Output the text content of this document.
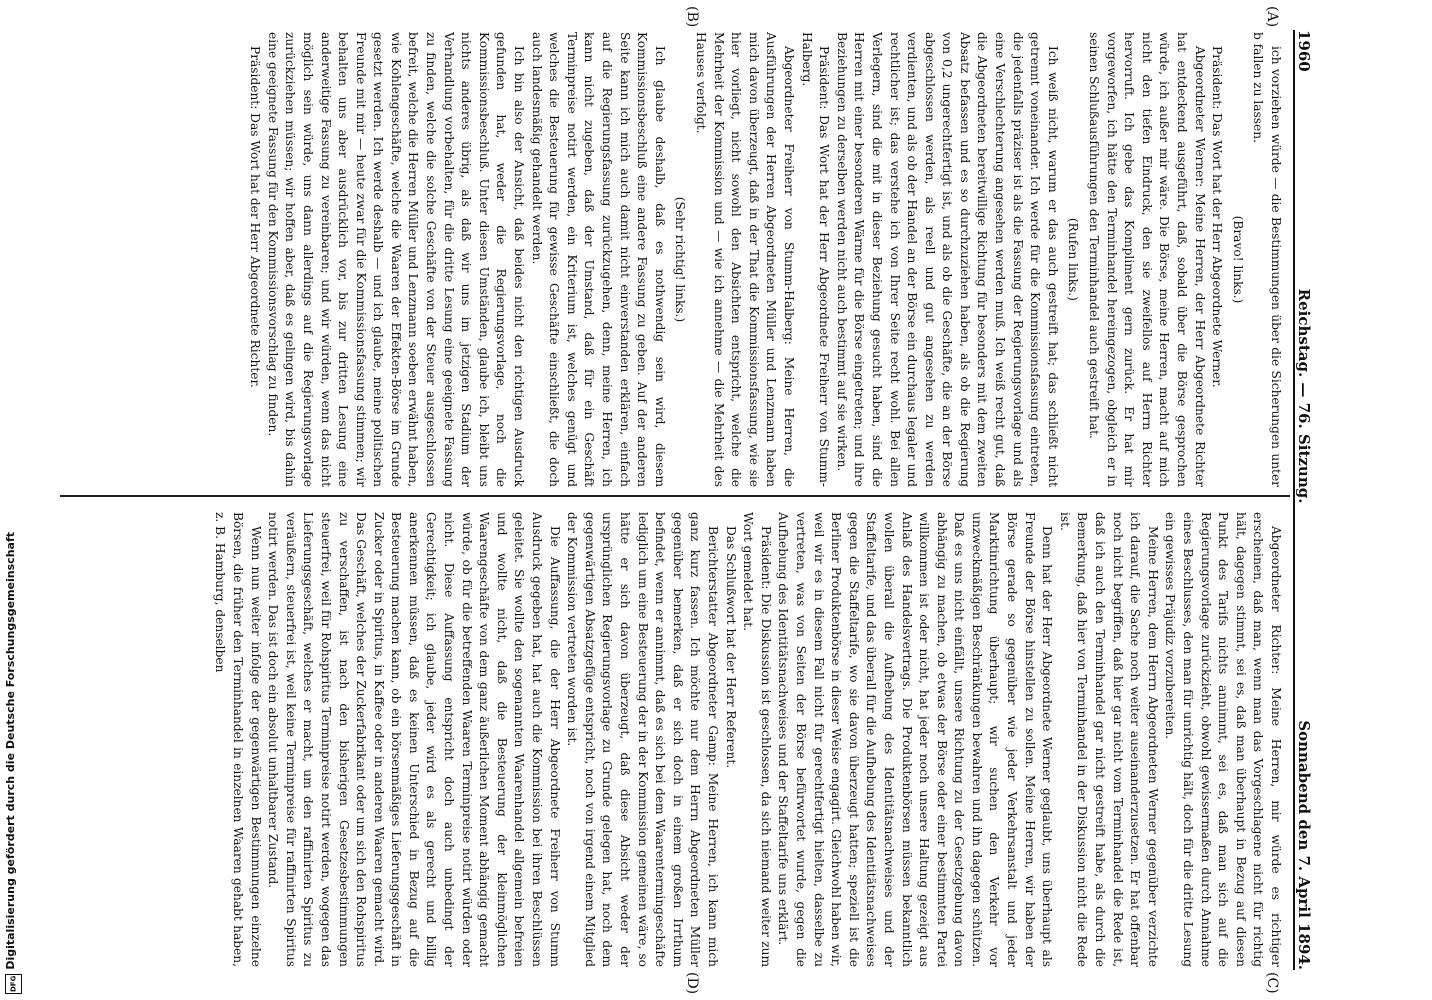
Digitalisierung gefördert durch die Deutsche Forschungsgemeinschaft
DFG
1960
Reichstag. — 76. Sitzung.
Sonnabend den 7. April 1894.
(A)
(B)
(C)
(D)

ich vorziehen würde — die Bestimmungen über die Sicherungen unter b fallen zu lassen.

(Bravo! links.)

Präsident: Das Wort hat der Herr Abgeordnete Werner.

Abgeordneter Werner: Meine Herren, der Herr Abgeordnete Richter hat entdeckend ausgeführt, daß, sobald über die Börse gesprochen würde, ich außer mir wäre. Die Börse, meine Herren, macht auf mich nicht den tiefen Eindruck, den sie zweifellos auf Herrn Richter hervorruft. Ich gebe das Kompliment gern zurück. Er hat mir vorgeworfen, ich hätte den Terminhandel hereingezogen, obgleich er in seinen Schlußausführungen den Terminhandel auch gestreift hat.

(Rufen links.)

Ich weiß nicht, warum er das auch gestreift hat; das schließt nicht getrennt voneinander. Ich werde für die Kommissionsfassung eintreten, die jedenfalls präziser ist als die Fassung der Regierungsvorlage und als eine Verschlechterung angesehen werden muß. Ich weiß recht gut, daß die Abgeordneten bereitwillige Richtung für besonders mit dem zweiten Absatz befassen und es so durchzuziehen haben, als ob die Regierung von 0,2 ungerechtfertigt ist, und als ob die Geschäfte, die an der Börse abgeschlossen werden, als reell und gut angesehen zu werden verdienten, und als ob der Handel an der Börse ein durchaus legaler und rechtlicher ist; das verstehe ich von Ihrer Seite recht wohl. Bei allen Verlegern, sind die mit in dieser Beziehung gesucht haben, sind die Herren mit einer besonderen Wärme für die Börse eingetreten; und ihre Beziehungen zu derselben werden nicht auch bestimmt auf sie wirken.

Präsident: Das Wort hat der Herr Abgeordnete Freiherr von Stumm-Halberg.

Abgeordneter Freiherr von Stumm-Halberg: Meine Herren, die Ausführungen der Herren Abgeordneten Müller und Lenzmann haben mich davon überzeugt, daß in der That die Kommissionsfassung, wie sie hier vorliegt, nicht sowohl den Absichten entspricht, welche die Mehrheit der Kommission und — wie ich annehme — die Mehrheit des Hauses verfolgt.

(Sehr richtig! links.)

Ich glaube deshalb, daß es nothwendig sein wird, diesem Kommissionsbeschluß eine andere Fassung zu geben. Auf der anderen Seite kann ich mich auch damit nicht einverstanden erklären, einfach auf die Regierungsfassung zurückzugehen, denn, meine Herren, ich kann nicht zugeben, daß der Umstand, daß für ein Geschäft Terminpreise notirt werden, ein Kriterium ist, welches genügt und welches die Besteuerung für gewisse Geschäfte einschließt, die doch auch landesmäßig gehandelt werden.

Ich bin also der Ansicht, daß beides nicht den richtigen Ausdruck gefunden hat, weder die Regierungsvorlage, noch die Kommissionsbeschluß. Unter diesen Umständen, glaube ich, bleibt uns nichts anderes übrig, als daß wir uns im jetzigen Stadium der Verhandlung vorbehalten, für die dritte Lesung eine geeignete Fassung zu finden, welche die solche Geschäfte von der Steuer ausgeschlossen befreit, welche die Herren Müller und Lenzmann soeben erwähnt haben, wie Kohlengeschäfte, welche die Waaren der Effekten-Börse im Grunde gesetzt werden. Ich werde deshalb — und ich glaube, meine politischen Freunde mit mir — heute zwar für die Kommissionsfassung stimmen; wir behalten uns aber ausdrücklich vor, bis zur dritten Lesung eine anderweitige Fassung zu vereinbaren; und wir würden, wenn das nicht möglich sein würde, uns dann allerdings auf die Regierungsvorlage zurückziehen müssen; wir hoffen aber, daß es gelingen wird, bis dahin eine geeignete Fassung für den Kommissionsvorschlag zu finden.

Präsident: Das Wort hat der Herr Abgeordnete Richter.

Abgeordneter Richter: Meine Herren, mir würde es richtiger erscheinen, daß man, wenn man das Vorgeschlagene nicht für richtig hält, dagegen stimmt, sei es, daß man überhaupt in Bezug auf diesen Punkt des Tarifs nichts annimmt, sei es, daß man sich auf die Regierungsvorlage zurückzieht, obwohl gewissermaßen durch Annahme eines Beschlusses, den man für unrichtig hält, doch für die dritte Lesung ein gewisses Präjudiz vorzubereiten.

Meine Herren, dem Herrn Abgeordneten Werner gegenüber verzichte ich darauf, die Sache noch weiter auseinanderzusetzen. Er hat offenbar noch nicht begriffen, daß hier gar nicht vom Terminhandel die Rede ist, daß ich auch den Terminhandel gar nicht gestreift habe, als durch die Bemerkung, daß hier von Terminhandel in der Diskussion nicht die Rede ist.

Denn hat der Herr Abgeordnete Werner geglaubt, uns überhaupt als Freunde der Börse hinstellen zu sollen. Meine Herren, wir haben der Börse gerade so gegenüber wie jeder Verkehrsanstalt und jeder Marktinrichtung überhaupt; wir suchen den Verkehr vor unzweckmäßigen Beschränkungen bewahren und ihn dagegen schützen. Daß es uns nicht einfällt, unsere Richtung zu der Gesetzgebung davon abhängig zu machen, ob etwas der Börse oder einer bestimmten Partei willkommen ist oder nicht, hat jeder noch unsere Haltung gezeigt aus Anlaß des Handelsvertrags. Die Produktenbörsen müssen bekanntlich wollen überall die Aufhebung des Identitätsnachweises und der Staffeltarife, und das überall für die Aufhebung des Identitätsnachweises gegen die Staffeltarife, wo sie davon überzeugt hatten; speziell ist die Berliner Produktenbörse in dieser Weise engagirt. Gleichwohl haben wir, weil wir es in diesem Fall nicht für gerechtfertigt hielten, dasselbe zu vertreten, was von Seiten der Börse befürwortet wurde, gegen die Aufhebung des Identitätsnachweises und der Staffeltarife uns erklärt.

Präsident: Die Diskussion ist geschlossen, da sich niemand weiter zum Wort gemeldet hat.

Das Schlußwort hat der Herr Referent.

Berichterstatter Abgeordneter Gamp: Meine Herren, ich kann mich ganz kurz fassen. Ich möchte nur dem Herrn Abgeordneten Müller gegenüber bemerken, daß er sich doch in einem großen Irrthum befindet, wenn er annimmt, daß es sich bei dem Waarentermingeschäfte lediglich um eine Besteuerung der in der Kommission gemeinen wäre, so hätte er sich davon überzeugt, daß diese Absicht weder der ursprünglichen Regierungsvorlage zu Grunde gelegen hat, noch dem gegenwärtigen Absatzgefüge entspricht, noch von irgend einem Mitglied der Kommission vertreten worden ist.

Die Auffassung, die der Herr Abgeordnete Freiherr von Stumm Ausdruck gegeben hat, hat auch die Kommission bei ihren Beschlüssen geleitet. Sie wollte den sogenannten Waarenhandel allgemein befreien und wollte nicht, daß die Besteuerung der kleinmöglichen Waarengeschäfte von dem ganz äußerlichen Moment abhängig gemacht würde, ob für die betreffenden Waaren Terminpreise notirt würden oder nicht. Diese Auffassung entspricht doch auch unbedingt der Gerechtigkeit; ich glaube, jeder wird es als gerecht und billig anerkennen müssen, daß es keinen Unterschied in Bezug auf die Besteuerung machen kann, ob ein börsenmäßiges Lieferungsgeschäft in Zucker oder in Spiritus, in Kaffee oder in anderen Waaren gemacht wird. Das Geschäft, welches der Zuckerfabrikant oder um sich den Rohspiritus zu verschaffen, ist nach den bisherigen Gesetzesbestimmungen steuerfrei, weil für Rohspiritus Terminpreise notirt werden, wogegen das Lieferungsgeschäft, welches er macht, um den raffinirten Spiritus zu veräußern, steuerfrei ist, weil keine Terminpreise für raffinirten Spiritus notirt werden. Das ist doch ein absolut unhaltbarer Zustand.

Wenn nun weiter infolge der gegenwärtigen Bestimmungen einzelne Börsen, die früher den Terminhandel in einzelnen Waaren gehabt haben, z. B. Hamburg, denselben
